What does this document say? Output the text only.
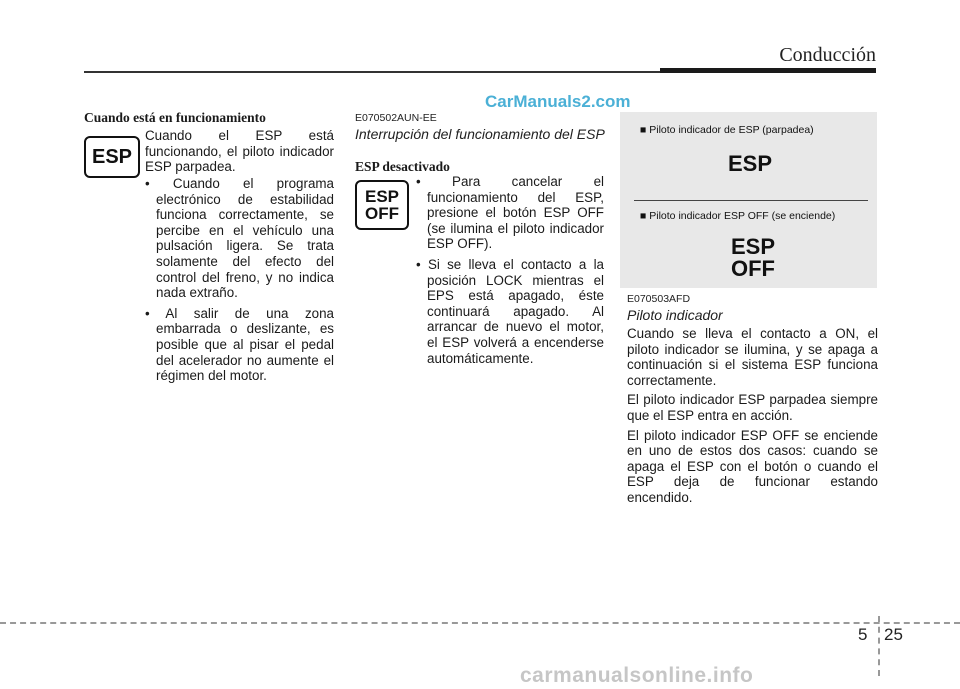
Conducción
CarManuals2.com
Cuando está en funcionamiento
ESP
Cuando el ESP está funcionando, el piloto indicador ESP parpadea.
• Cuando el programa electrónico de estabilidad funciona correctamente, se percibe en el vehículo una pulsación ligera. Se trata solamente del efecto del control del freno, y no indica nada extraño.
• Al salir de una zona embarrada o deslizante, es posible que al pisar el pedal del acelerador no aumente el régimen del motor.
E070502AUN-EE
Interrupción del funcionamiento del ESP
ESP desactivado
ESP
OFF
• Para cancelar el funcionamiento del ESP, presione el botón ESP OFF (se ilumina el piloto indicador ESP OFF).
• Si se lleva el contacto a la posición LOCK mientras el EPS está apagado, éste continuará apagado. Al arrancar de nuevo el motor, el ESP volverá a encenderse automáticamente.
■ Piloto indicador de ESP (parpadea)
ESP
■ Piloto indicador ESP OFF (se enciende)
ESP
OFF
E070503AFD
Piloto indicador
Cuando se lleva el contacto a ON, el piloto indicador se ilumina, y se apaga a continuación si el sistema ESP funciona correctamente.
El piloto indicador ESP parpadea siempre que el ESP entra en acción.
El piloto indicador ESP OFF se enciende en uno de estos dos casos: cuando se apaga el ESP con el botón o cuando el ESP deja de funcionar estando encendido.
5 25
carmanualsonline.info
